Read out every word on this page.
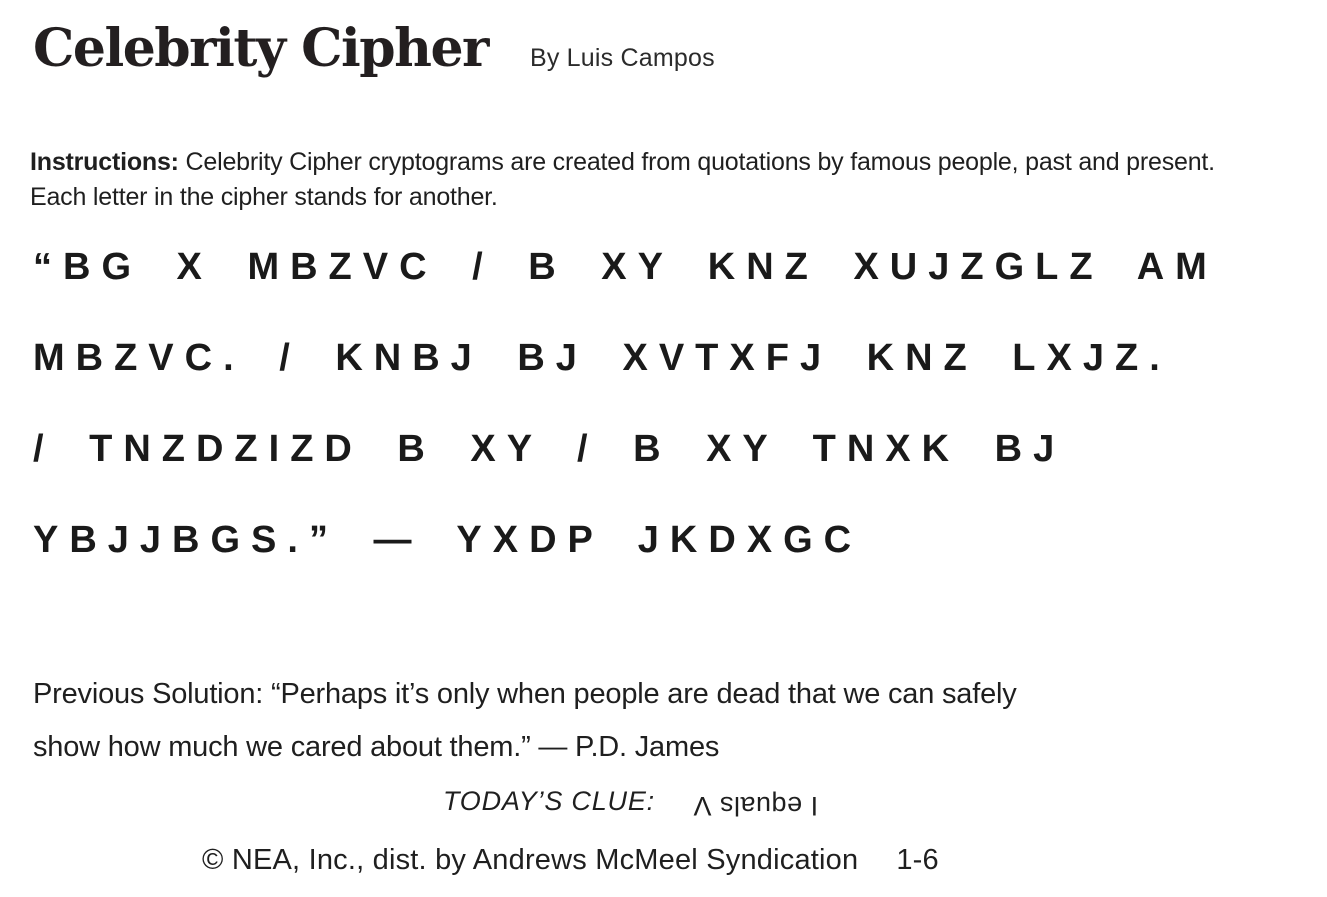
Celebrity Cipher By Luis Campos

Instructions: Celebrity Cipher cryptograms are created from quotations by famous people, past and present. Each letter in the cipher stands for another.

“BG X MBZVC / B XY KNZ XUJZGLZ AM
MBZVC. / KNBJ BJ XVTXFJ KNZ LXJZ.
/ TNZDZIZD B XY / B XY TNXK BJ
YBJJBGS.” — YXDP JKDXGC
Previous Solution: “Perhaps it’s only when people are dead that we can safely
show how much we cared about them.” — P.D. James
TODAY’S CLUE: I equals V
© NEA, Inc., dist. by Andrews McMeel Syndication 1-6
